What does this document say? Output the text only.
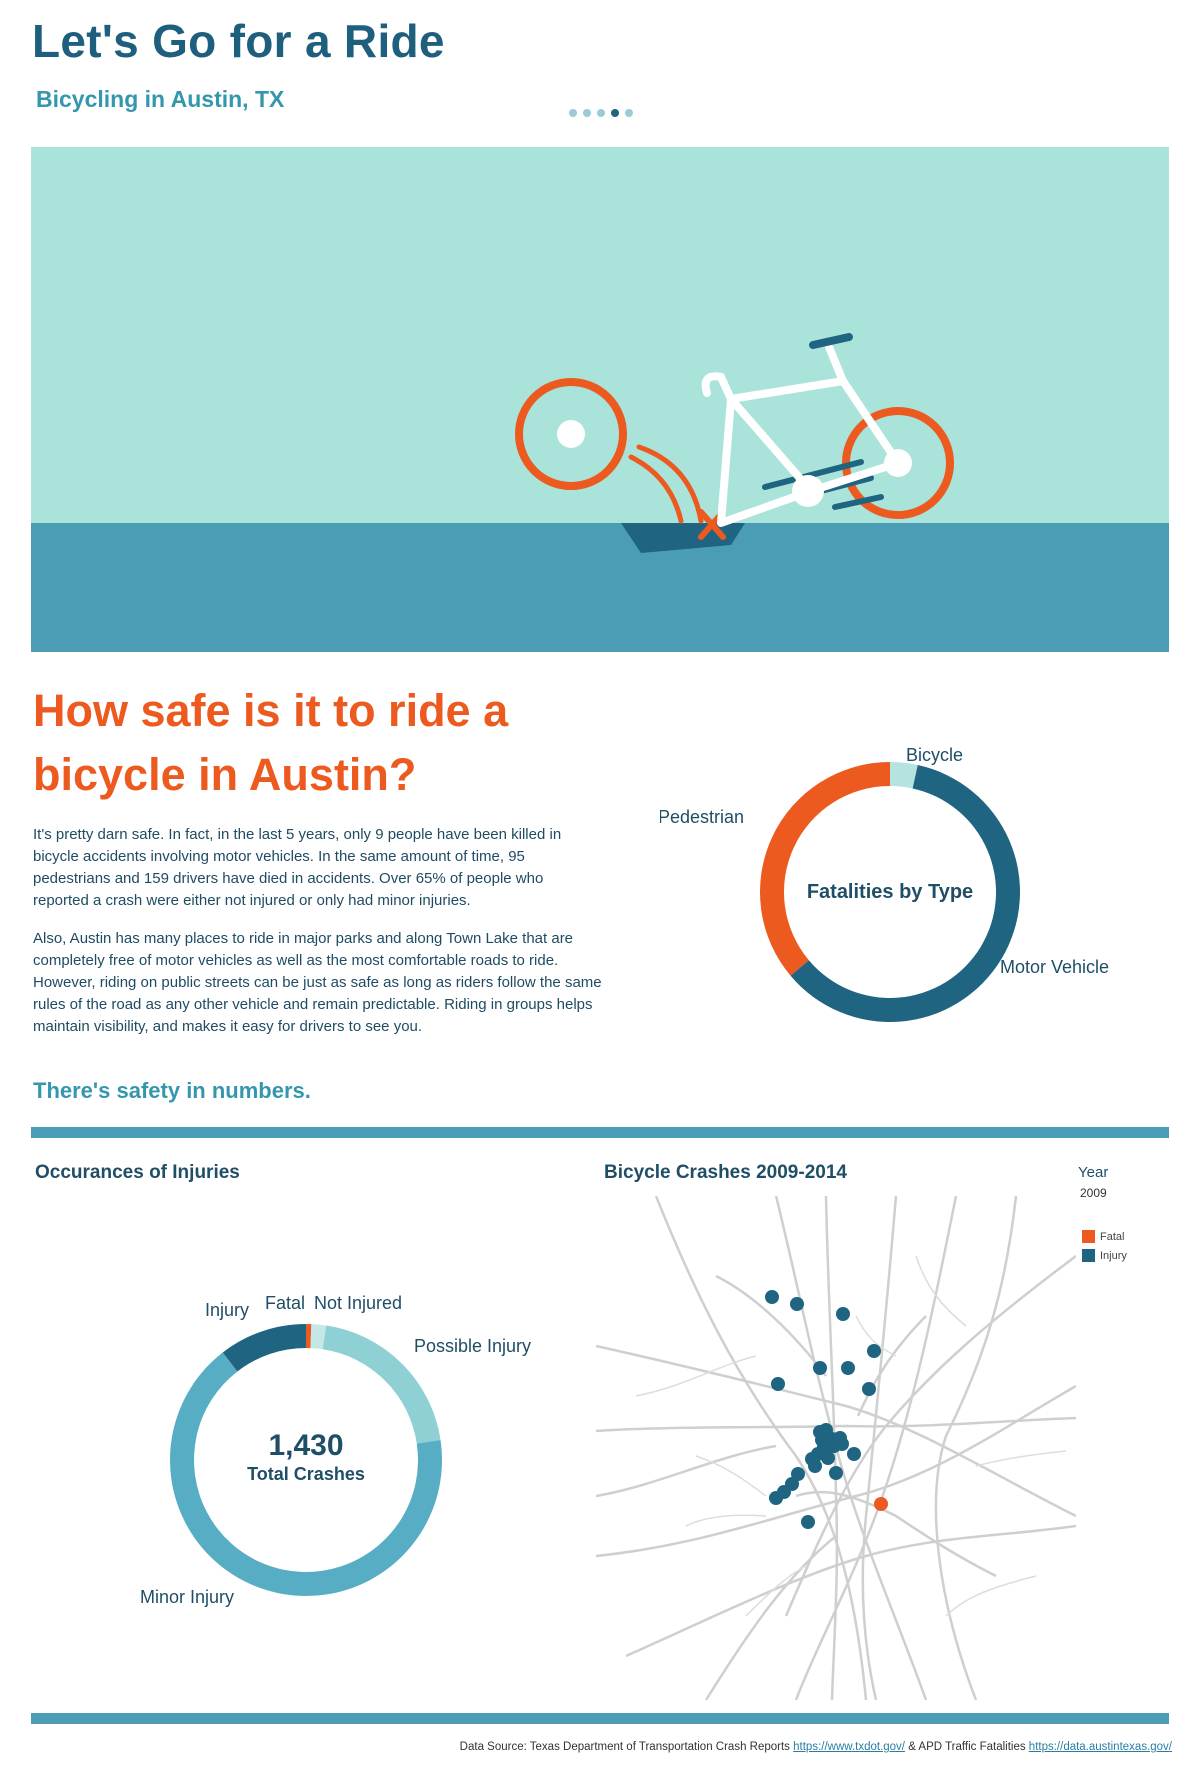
Let's Go for a Ride
Bicycling in Austin, TX
How safe is it to ride a bicycle in Austin?
It's pretty darn safe. In fact, in the last 5 years, only 9 people have been killed in bicycle accidents involving motor vehicles. In the same amount of time, 95 pedestrians and 159 drivers have died in accidents. Over 65% of people who reported a crash were either not injured or only had minor injuries.
Also, Austin has many places to ride in major parks and along Town Lake that are completely free of motor vehicles as well as the most comfortable roads to ride. However, riding on public streets can be just as safe as long as riders follow the same rules of the road as any other vehicle and remain predictable. Riding in groups helps maintain visibility, and makes it easy for drivers to see you.
There's safety in numbers.
Bicycle
Motor Vehicle
Pedestrian
Fatalities by Type
Occurances of Injuries	Bicycle Crashes 2009-2014
Fatal Not Injured
Possible Injury
Minor Injury
Injury
1,430
Total Crashes
Year
2009
Fatal
Injury
Data Source: Texas Department of Transportation Crash Reports https://www.txdot.gov/ & APD Traffic Fatalities https://data.austintexas.gov/
